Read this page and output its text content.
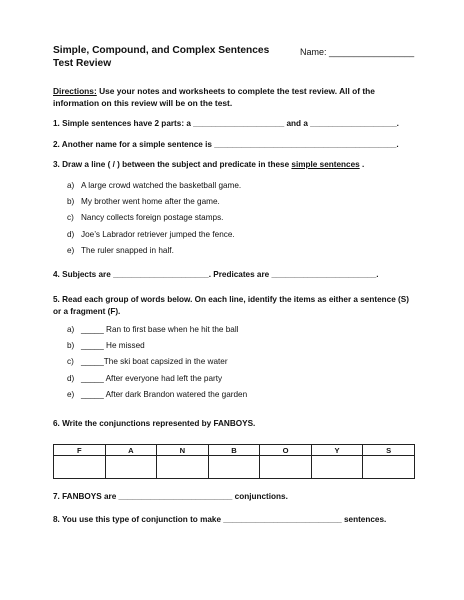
Simple, Compound, and Complex Sentences
Test Review
Name: _________________
Directions: Use your notes and worksheets to complete the test review. All of the
information on this review will be on the test.
1. Simple sentences have 2 parts: a ____________________ and a ___________________.
2. Another name for a simple sentence is ________________________________________.
3. Draw a line ( / ) between the subject and predicate in these simple sentences .
a) A large crowd watched the basketball game.
b) My brother went home after the game.
c) Nancy collects foreign postage stamps.
d) Joe’s Labrador retriever jumped the fence.
e) The ruler snapped in half.
4. Subjects are _____________________. Predicates are _______________________.
5. Read each group of words below. On each line, identify the items as either a sentence (S)
or a fragment (F).
a) _____ Ran to first base when he hit the ball
b) _____ He missed
c) _____The ski boat capsized in the water
d) _____ After everyone had left the party
e) _____ After dark Brandon watered the garden
6. Write the conjunctions represented by FANBOYS.
F	A	N	B	O	Y	S

7. FANBOYS are _________________________ conjunctions.
8. You use this type of conjunction to make __________________________ sentences.
